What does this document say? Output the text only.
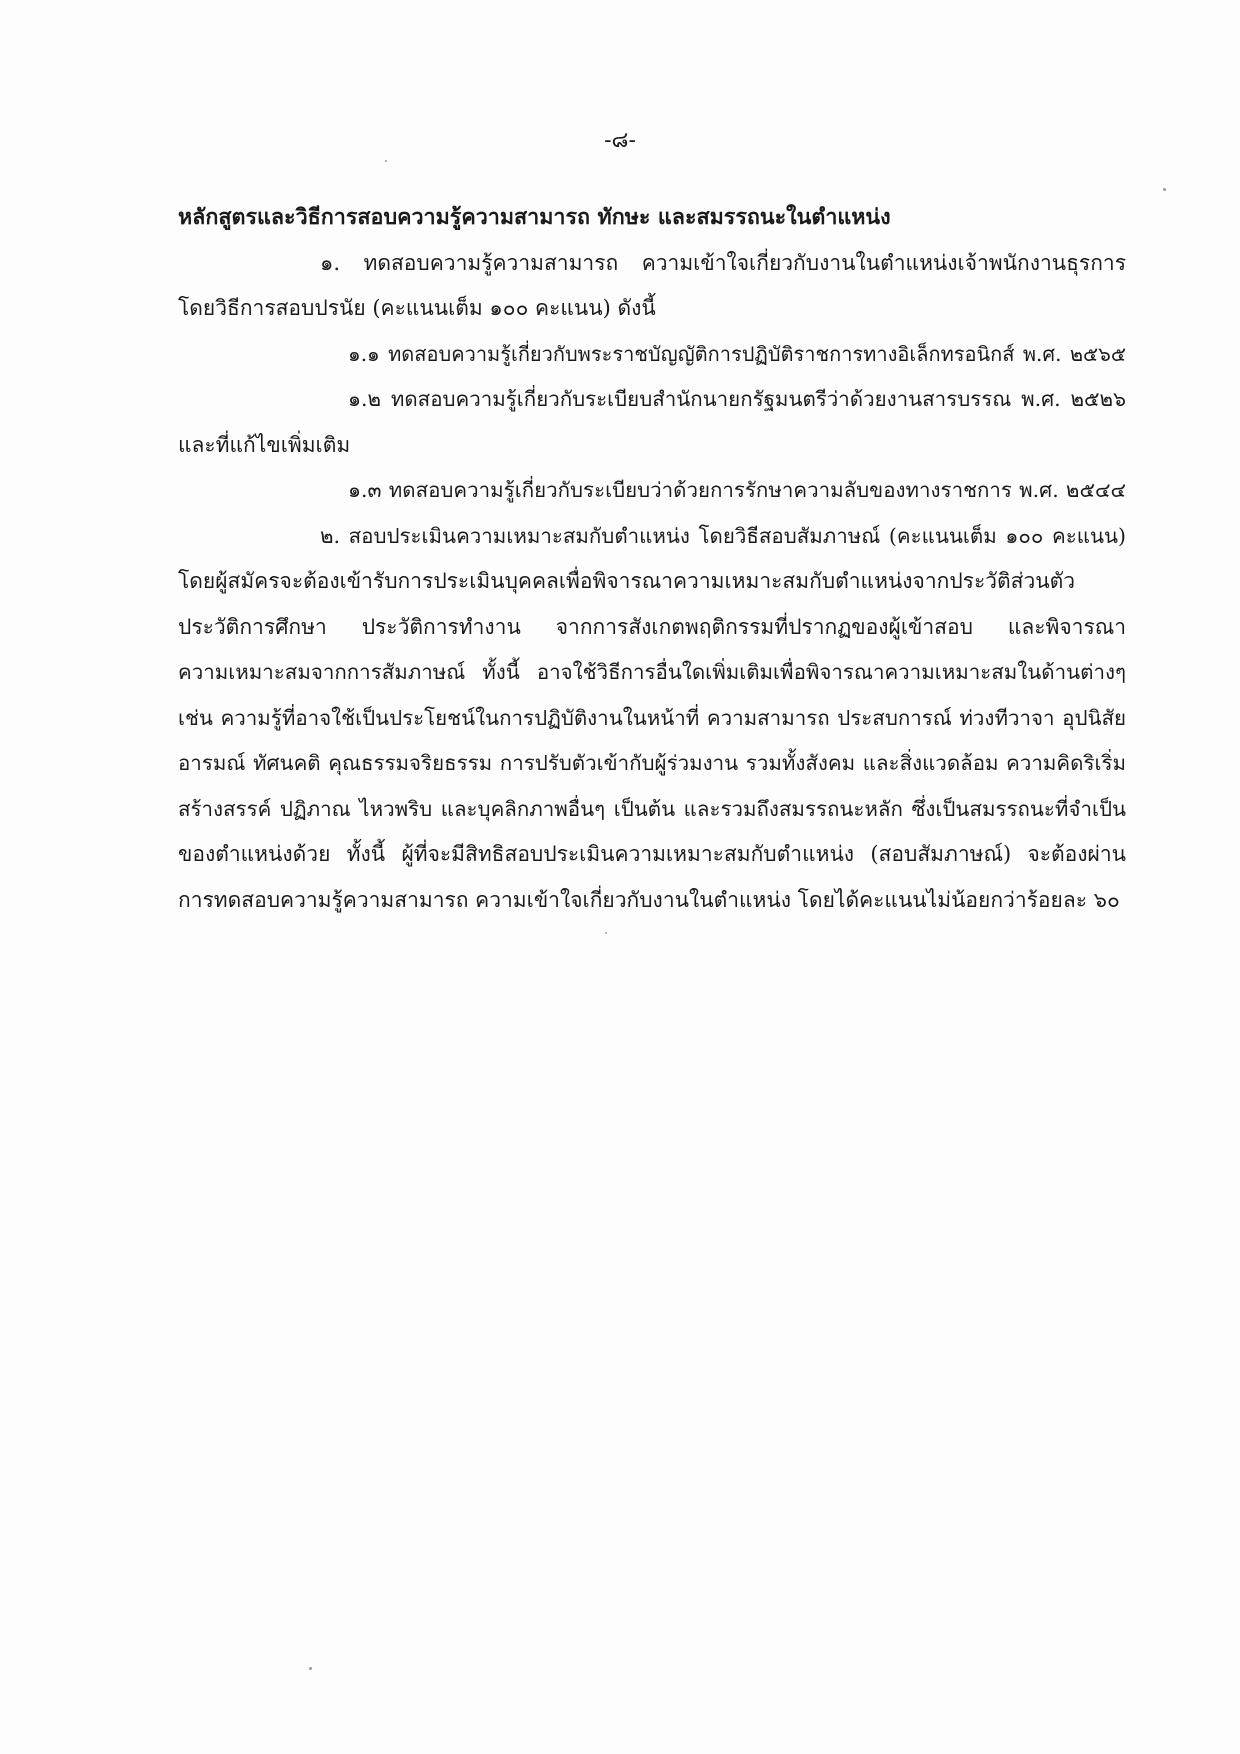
-๘-
หลักสูตรและวิธีการสอบความรู้ความสามารถ ทักษะ และสมรรถนะในตำแหน่ง
๑. ทดสอบความรู้ความสามารถ ความเข้าใจเกี่ยวกับงานในตำแหน่งเจ้าพนักงานธุรการ
โดยวิธีการสอบปรนัย (คะแนนเต็ม ๑๐๐ คะแนน) ดังนี้
๑.๑ ทดสอบความรู้เกี่ยวกับพระราชบัญญัติการปฏิบัติราชการทางอิเล็กทรอนิกส์ พ.ศ. ๒๕๖๕
๑.๒ ทดสอบความรู้เกี่ยวกับระเบียบสำนักนายกรัฐมนตรีว่าด้วยงานสารบรรณ พ.ศ. ๒๕๒๖
และที่แก้ไขเพิ่มเติม
๑.๓ ทดสอบความรู้เกี่ยวกับระเบียบว่าด้วยการรักษาความลับของทางราชการ พ.ศ. ๒๕๔๔
๒. สอบประเมินความเหมาะสมกับตำแหน่ง โดยวิธีสอบสัมภาษณ์ (คะแนนเต็ม ๑๐๐ คะแนน)
โดยผู้สมัครจะต้องเข้ารับการประเมินบุคคลเพื่อพิจารณาความเหมาะสมกับตำแหน่งจากประวัติส่วนตัว
ประวัติการศึกษา ประวัติการทำงาน จากการสังเกตพฤติกรรมที่ปรากฏของผู้เข้าสอบ และพิจารณา
ความเหมาะสมจากการสัมภาษณ์ ทั้งนี้ อาจใช้วิธีการอื่นใดเพิ่มเติมเพื่อพิจารณาความเหมาะสมในด้านต่างๆ
เช่น ความรู้ที่อาจใช้เป็นประโยชน์ในการปฏิบัติงานในหน้าที่ ความสามารถ ประสบการณ์ ท่วงทีวาจา อุปนิสัย
อารมณ์ ทัศนคติ คุณธรรมจริยธรรม การปรับตัวเข้ากับผู้ร่วมงาน รวมทั้งสังคม และสิ่งแวดล้อม ความคิดริเริ่ม
สร้างสรรค์ ปฏิภาณ ไหวพริบ และบุคลิกภาพอื่นๆ เป็นต้น และรวมถึงสมรรถนะหลัก ซึ่งเป็นสมรรถนะที่จำเป็น
ของตำแหน่งด้วย ทั้งนี้ ผู้ที่จะมีสิทธิสอบประเมินความเหมาะสมกับตำแหน่ง (สอบสัมภาษณ์) จะต้องผ่าน
การทดสอบความรู้ความสามารถ ความเข้าใจเกี่ยวกับงานในตำแหน่ง โดยได้คะแนนไม่น้อยกว่าร้อยละ ๖๐
